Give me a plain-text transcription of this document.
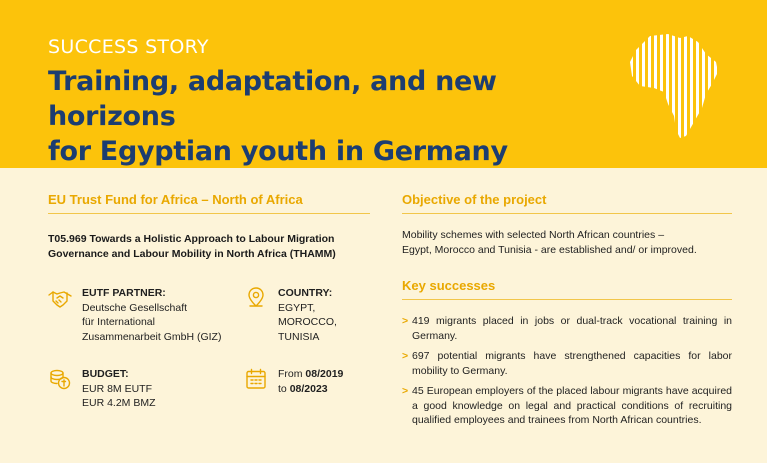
SUCCESS STORY
Training, adaptation, and new horizons
for Egyptian youth in Germany
EU Trust Fund for Africa – North of Africa
T05.969 Towards a Holistic Approach to Labour Migration
Governance and Labour Mobility in North Africa (THAMM)
EUTF PARTNER:
Deutsche Gesellschaft
für International
Zusammenarbeit GmbH (GIZ)
COUNTRY:
EGYPT, MOROCCO,
TUNISIA
BUDGET:
EUR 8M EUTF
EUR 4.2M BMZ
From 08/2019
to 08/2023
Objective of the project
Mobility schemes with selected North African countries –
Egypt, Morocco and Tunisia - are established and/ or improved.
Key successes
> 419 migrants placed in jobs or dual-track vocational training in Germany.
> 697 potential migrants have strengthened capacities for labor mobility to Germany.
> 45 European employers of the placed labour migrants have acquired a good knowledge on legal and practical conditions of recruiting qualified employees and trainees from North African countries.
